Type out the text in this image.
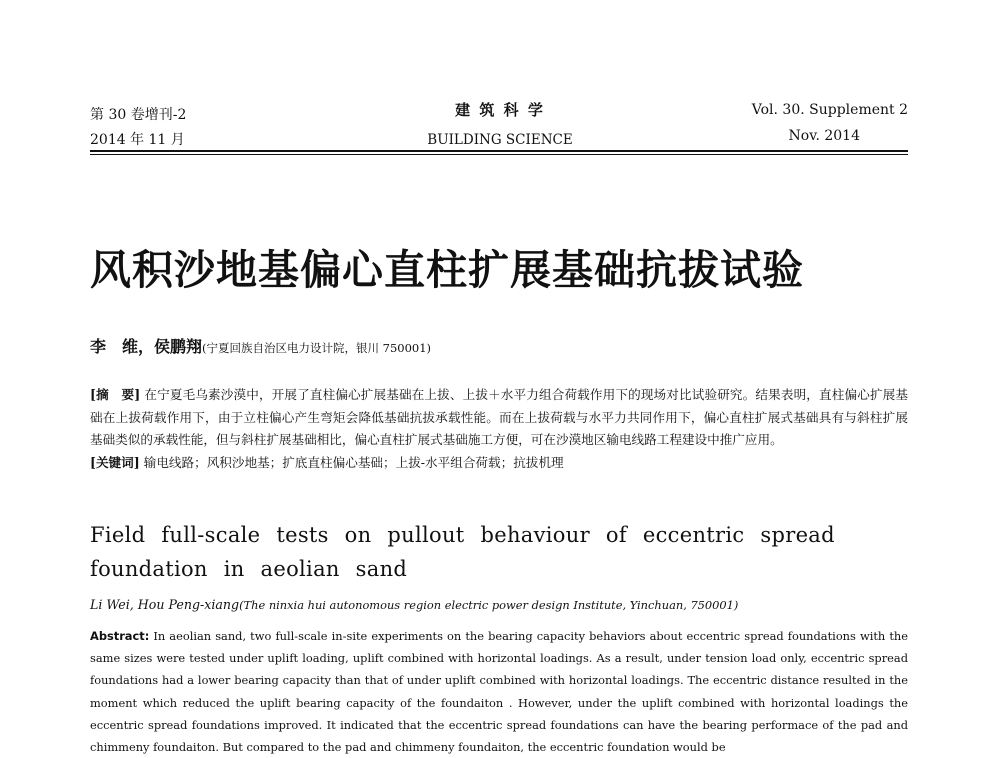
第 30 卷增刊-2
2014 年 11 月
建 筑 科 学
BUILDING SCIENCE
Vol. 30. Supplement 2
Nov. 2014
风积沙地基偏心直柱扩展基础抗拔试验
李　维，侯鹏翔(宁夏回族自治区电力设计院，银川 750001)
[摘　要] 在宁夏毛乌素沙漠中，开展了直柱偏心扩展基础在上拔、上拔＋水平力组合荷载作用下的现场对比试验研究。结果表明，直柱偏心扩展基础在上拔荷载作用下，由于立柱偏心产生弯矩会降低基础抗拔承载性能。而在上拔荷载与水平力共同作用下，偏心直柱扩展式基础具有与斜柱扩展基础类似的承载性能，但与斜柱扩展基础相比，偏心直柱扩展式基础施工方便，可在沙漠地区输电线路工程建设中推广应用。
[关键词] 输电线路；风积沙地基；扩底直柱偏心基础；上拔-水平组合荷载；抗拔机理
Field full-scale tests on pullout behaviour of eccentric spread foundation in aeolian sand
Li Wei, Hou Peng-xiang(The ninxia hui autonomous region electric power design Institute, Yinchuan, 750001)
Abstract: In aeolian sand, two full-scale in-site experiments on the bearing capacity behaviors about eccentric spread foundations with the same sizes were tested under uplift loading, uplift combined with horizontal loadings. As a result, under tension load only, eccentric spread foundations had a lower bearing capacity than that of under uplift combined with horizontal loadings. The eccentric distance resulted in the moment which reduced the uplift bearing capacity of the foundaiton . However, under the uplift combined with horizontal loadings the eccentric spread foundations improved. It indicated that the eccentric spread foundations can have the bearing performace of the pad and chimmeny foundaiton. But compared to the pad and chimmeny foundaiton, the eccentric foundation would be
